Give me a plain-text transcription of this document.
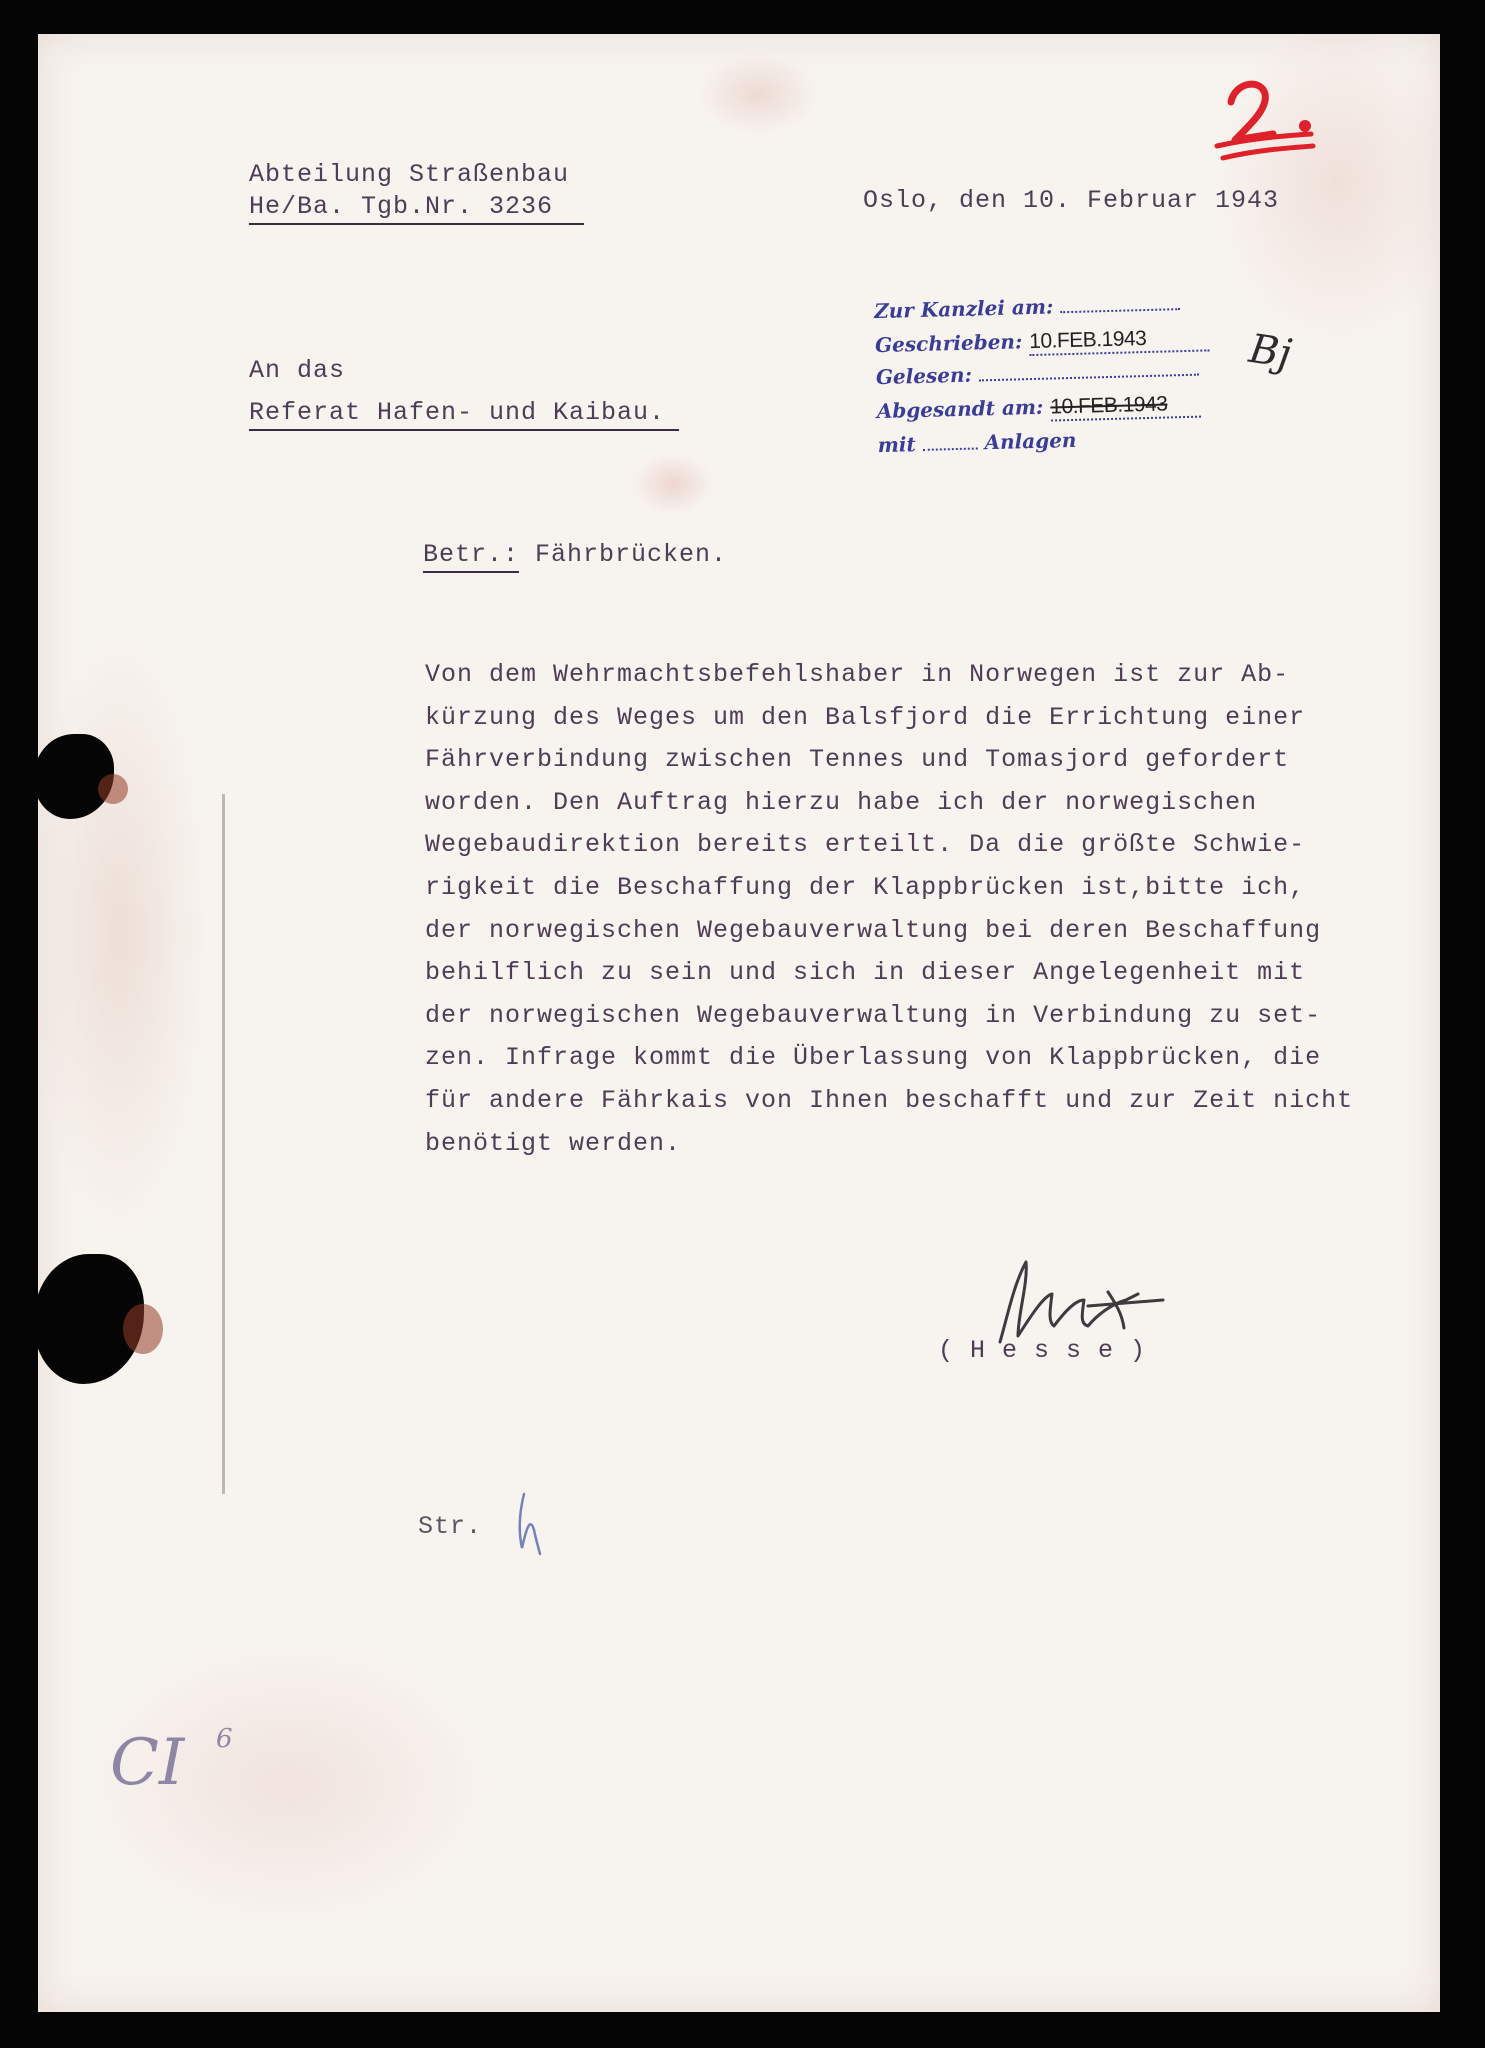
Abteilung Straßenbau
He/Ba. Tgb.Nr. 3236	Oslo, den 10. Februar 1943
An das
Referat Hafen- und Kaibau.
Zur Kanzlei am:
Geschrieben: 10.FEB.1943
Gelesen:
Abgesandt am: 10.FEB.1943
mit	Anlagen
Bj
Betr.: Fährbrücken.

Von dem Wehrmachtsbefehlshaber in Norwegen ist zur Ab-

kürzung des Weges um den Balsfjord die Errichtung einer

Fährverbindung zwischen Tennes und Tomasjord gefordert

worden. Den Auftrag hierzu habe ich der norwegischen

Wegebaudirektion bereits erteilt. Da die größte Schwie-

rigkeit die Beschaffung der Klappbrücken ist,bitte ich,

der norwegischen Wegebauverwaltung bei deren Beschaffung

behilflich zu sein und sich in dieser Angelegenheit mit

der norwegischen Wegebauverwaltung in Verbindung zu set-

zen. Infrage kommt die Überlassung von Klappbrücken, die

für andere Fährkais von Ihnen beschafft und zur Zeit nicht

benötigt werden.

( H e s s e )
Str.
CI 6
